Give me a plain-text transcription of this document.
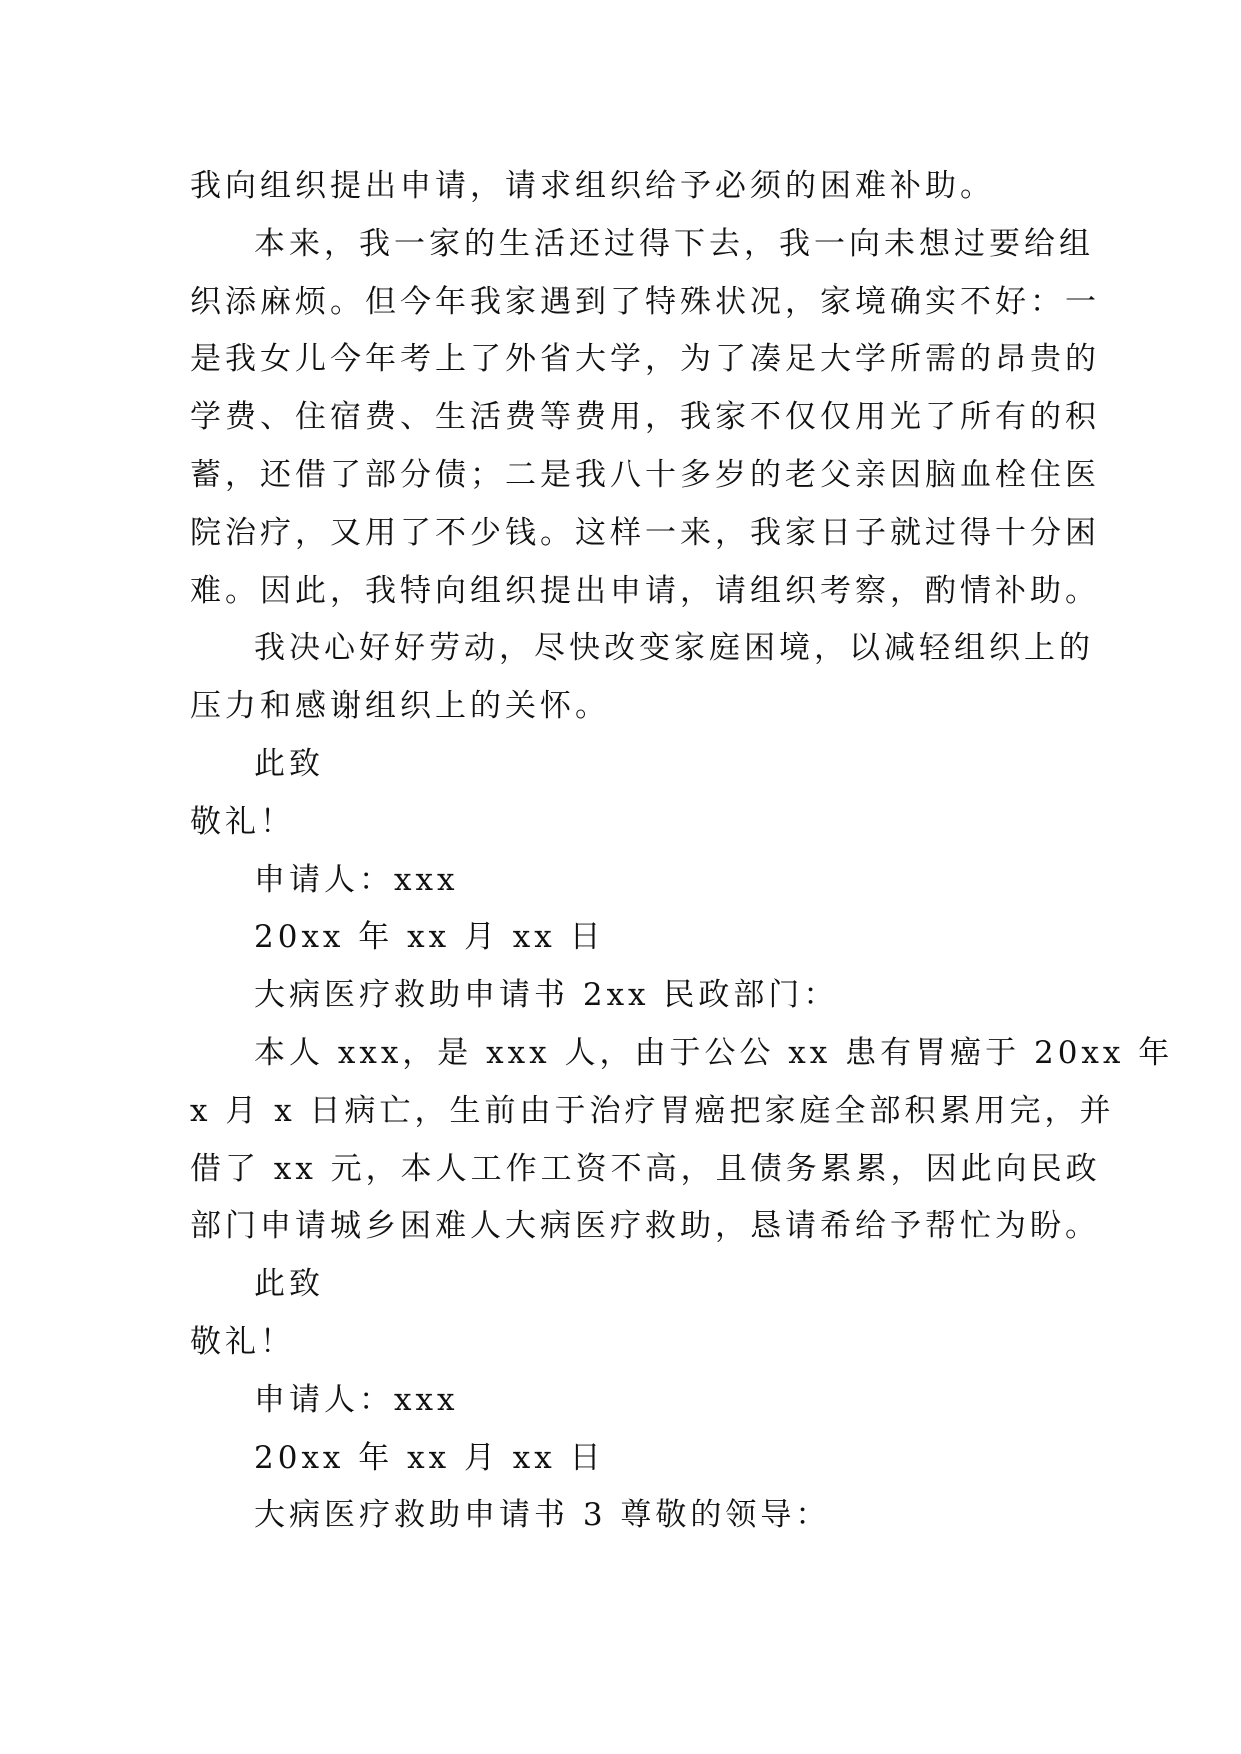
我向组织提出申请，请求组织给予必须的困难补助。

本来，我一家的生活还过得下去，我一向未想过要给组

织添麻烦。但今年我家遇到了特殊状况，家境确实不好：一

是我女儿今年考上了外省大学，为了凑足大学所需的昂贵的

学费、住宿费、生活费等费用，我家不仅仅用光了所有的积

蓄，还借了部分债；二是我八十多岁的老父亲因脑血栓住医

院治疗，又用了不少钱。这样一来，我家日子就过得十分困

难。因此，我特向组织提出申请，请组织考察，酌情补助。

我决心好好劳动，尽快改变家庭困境，以减轻组织上的

压力和感谢组织上的关怀。

此致

敬礼！

申请人：xxx

20xx 年 xx 月 xx 日

大病医疗救助申请书 2xx 民政部门：

本人 xxx，是 xxx 人，由于公公 xx 患有胃癌于 20xx 年

x 月 x 日病亡，生前由于治疗胃癌把家庭全部积累用完，并

借了 xx 元，本人工作工资不高，且债务累累，因此向民政

部门申请城乡困难人大病医疗救助，恳请希给予帮忙为盼。

此致

敬礼！

申请人：xxx

20xx 年 xx 月 xx 日

大病医疗救助申请书 3 尊敬的领导：
